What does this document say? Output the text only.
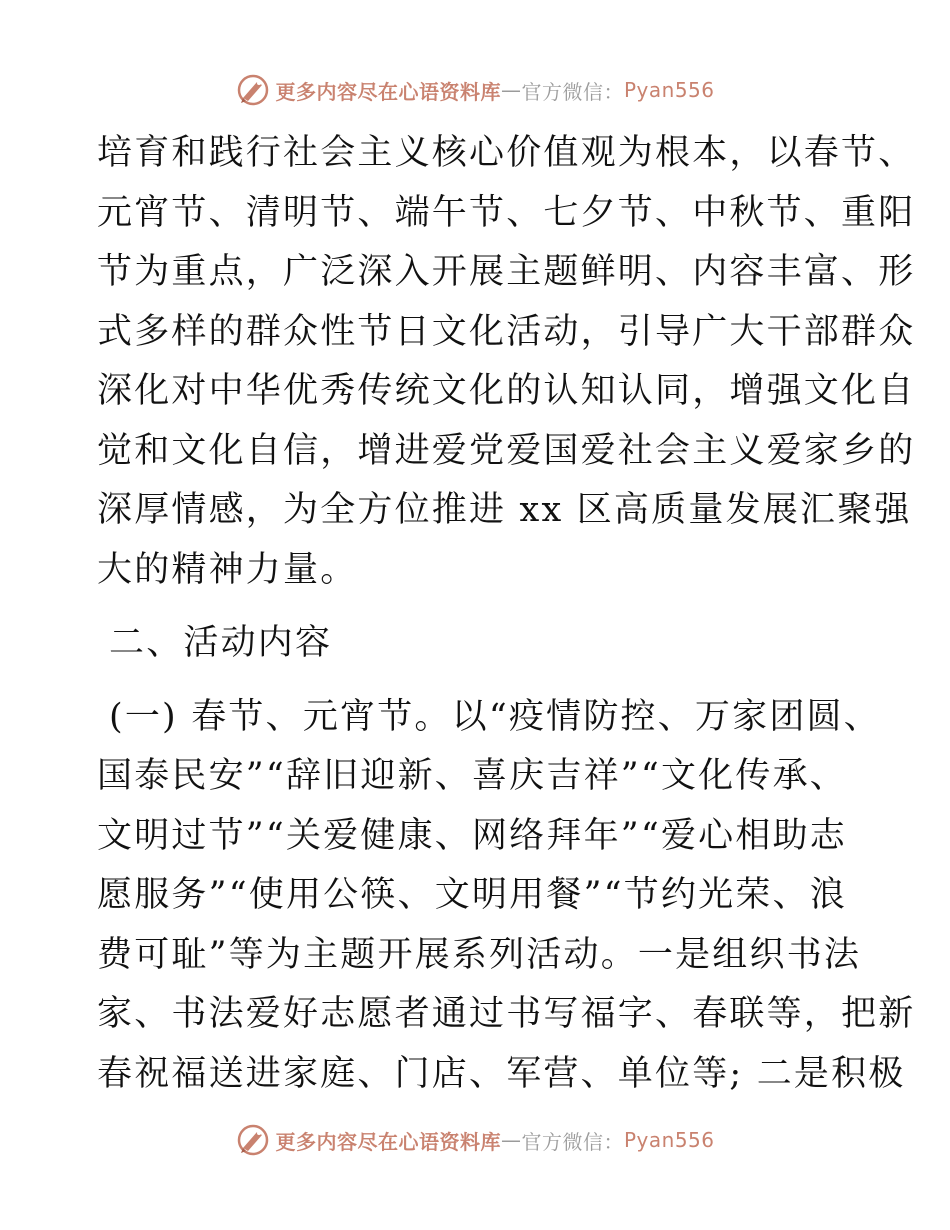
更多内容尽在心语资料库 — 官方微信： Pyan556
培育和践行社会主义核心价值观为根本，以春节、
元宵节、清明节、端午节、七夕节、中秋节、重阳
节为重点，广泛深入开展主题鲜明、内容丰富、形
式多样的群众性节日文化活动，引导广大干部群众
深化对中华优秀传统文化的认知认同，增强文化自
觉和文化自信，增进爱党爱国爱社会主义爱家乡的
深厚情感，为全方位推进 xx 区高质量发展汇聚强
大的精神力量。
二、活动内容
(一) 春节、元宵节。以“疫情防控、万家团圆、
国泰民安”“辞旧迎新、喜庆吉祥”“文化传承、
文明过节”“关爱健康、网络拜年”“爱心相助志
愿服务”“使用公筷、文明用餐”“节约光荣、浪
费可耻”等为主题开展系列活动。一是组织书法
家、书法爱好志愿者通过书写福字、春联等，把新
春祝福送进家庭、门店、军营、单位等; 二是积极
更多内容尽在心语资料库 — 官方微信： Pyan556
